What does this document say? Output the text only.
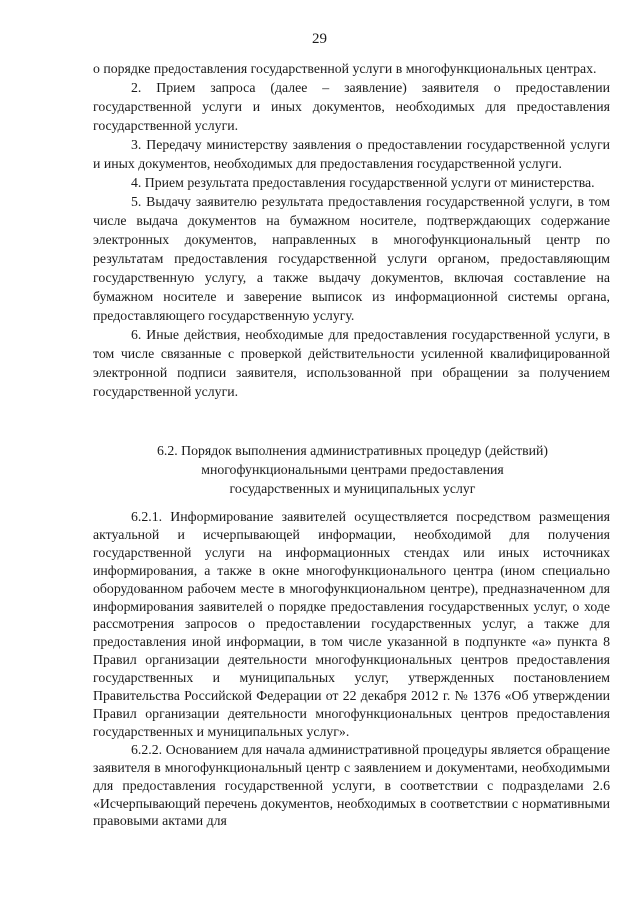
29

о порядке предоставления государственной услуги в многофункциональных центрах.

2. Прием запроса (далее – заявление) заявителя о предоставлении государственной услуги и иных документов, необходимых для предоставления государственной услуги.

3. Передачу министерству заявления о предоставлении государственной услуги и иных документов, необходимых для предоставления государственной услуги.

4. Прием результата предоставления государственной услуги от министерства.

5. Выдачу заявителю результата предоставления государственной услуги, в том числе выдача документов на бумажном носителе, подтверждающих содержание электронных документов, направленных в многофункциональный центр по результатам предоставления государственной услуги органом, предоставляющим государственную услугу, а также выдачу документов, включая составление на бумажном носителе и заверение выписок из информационной системы органа, предоставляющего государственную услугу.

6. Иные действия, необходимые для предоставления государственной услуги, в том числе связанные с проверкой действительности усиленной квалифицированной электронной подписи заявителя, использованной при обращении за получением государственной услуги.

6.2. Порядок выполнения административных процедур (действий)
многофункциональными центрами предоставления
государственных и муниципальных услуг

6.2.1. Информирование заявителей осуществляется посредством размещения актуальной и исчерпывающей информации, необходимой для получения государственной услуги на информационных стендах или иных источниках информирования, а также в окне многофункционального центра (ином специально оборудованном рабочем месте в многофункциональном центре), предназначенном для информирования заявителей о порядке предоставления государственных услуг, о ходе рассмотрения запросов о предоставлении государственных услуг, а также для предоставления иной информации, в том числе указанной в подпункте «а» пункта 8 Правил организации деятельности многофункциональных центров предоставления государственных и муниципальных услуг, утвержденных постановлением Правительства Российской Федерации от 22 декабря 2012 г. № 1376 «Об утверждении Правил организации деятельности многофункциональных центров предоставления государственных и муниципальных услуг».

6.2.2. Основанием для начала административной процедуры является обращение заявителя в многофункциональный центр с заявлением и документами, необходимыми для предоставления государственной услуги, в соответствии с подразделами 2.6 «Исчерпывающий перечень документов, необходимых в соответствии с нормативными правовыми актами для
